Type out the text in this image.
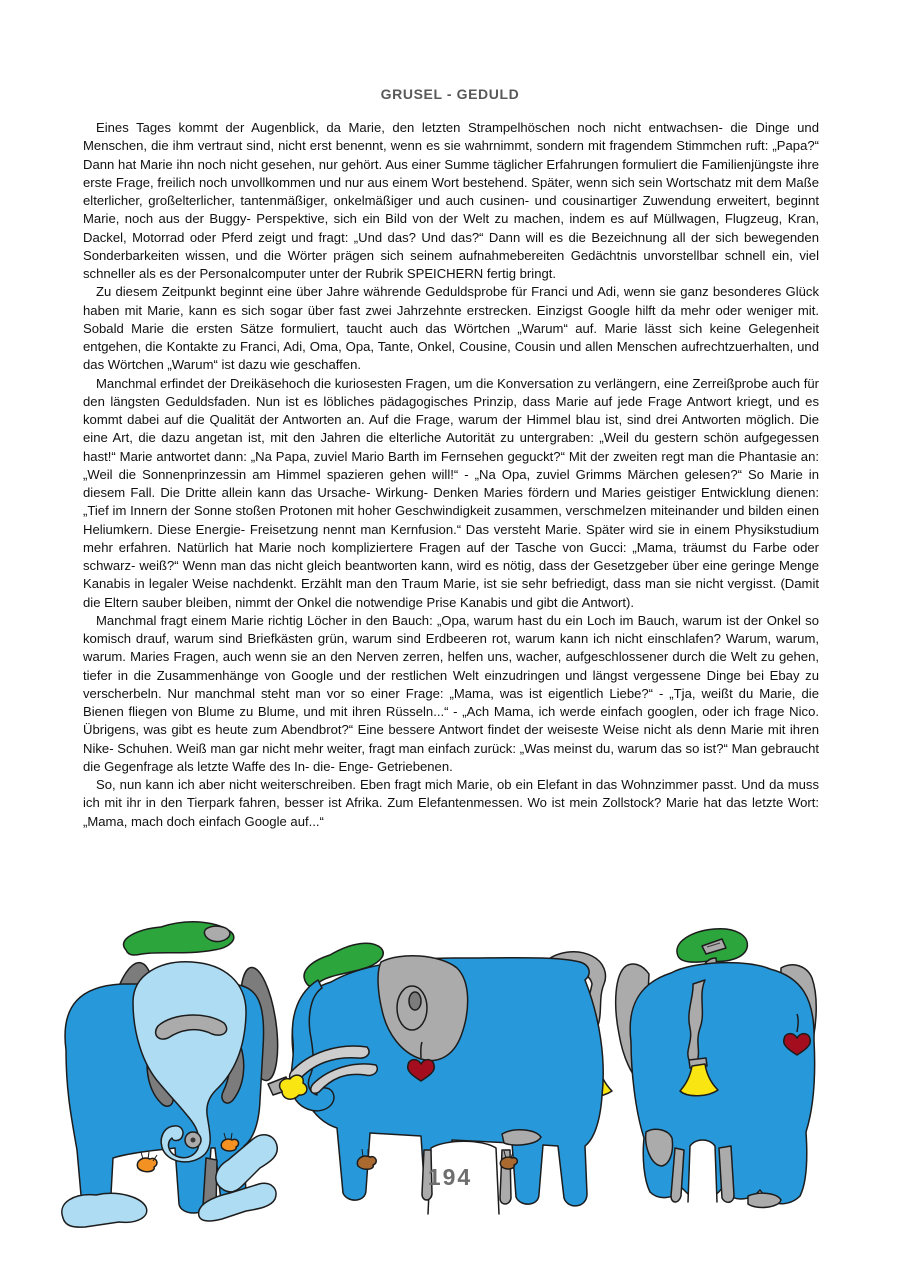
GRUSEL - GEDULD

Eines Tages kommt der Augenblick, da Marie, den letzten Strampelhöschen noch nicht entwachsen- die Dinge und Menschen, die ihm vertraut sind, nicht erst benennt, wenn es sie wahrnimmt, sondern mit fragendem Stimmchen ruft: „Papa?“ Dann hat Marie ihn noch nicht gesehen, nur gehört. Aus einer Summe täglicher Erfahrungen formuliert die Familienjüngste ihre erste Frage, freilich noch unvollkommen und nur aus einem Wort bestehend. Später, wenn sich sein Wortschatz mit dem Maße elterlicher, großelterlicher, tantenmäßiger, onkelmäßiger und auch cusinen- und cousinartiger Zuwendung erweitert, beginnt Marie, noch aus der Buggy- Perspektive, sich ein Bild von der Welt zu machen, indem es auf Müllwagen, Flugzeug, Kran, Dackel, Motorrad oder Pferd zeigt und fragt: „Und das? Und das?“ Dann will es die Bezeichnung all der sich bewegenden Sonderbarkeiten wissen, und die Wörter prägen sich seinem aufnahmebereiten Gedächtnis unvorstellbar schnell ein, viel schneller als es der Personalcomputer unter der Rubrik SPEICHERN fertig bringt.

Zu diesem Zeitpunkt beginnt eine über Jahre währende Geduldsprobe für Franci und Adi, wenn sie ganz besonderes Glück haben mit Marie, kann es sich sogar über fast zwei Jahrzehnte erstrecken. Einzigst Google hilft da mehr oder weniger mit. Sobald Marie die ersten Sätze formuliert, taucht auch das Wörtchen „Warum“ auf. Marie lässt sich keine Gelegenheit entgehen, die Kontakte zu Franci, Adi, Oma, Opa, Tante, Onkel, Cousine, Cousin und allen Menschen aufrechtzuerhalten, und das Wörtchen „Warum“ ist dazu wie geschaffen.

Manchmal erfindet der Dreikäsehoch die kuriosesten Fragen, um die Konversation zu verlängern, eine Zerreißprobe auch für den längsten Geduldsfaden. Nun ist es löbliches pädagogisches Prinzip, dass Marie auf jede Frage Antwort kriegt, und es kommt dabei auf die Qualität der Antworten an. Auf die Frage, warum der Himmel blau ist, sind drei Antworten möglich. Die eine Art, die dazu angetan ist, mit den Jahren die elterliche Autorität zu untergraben: „Weil du gestern schön aufgegessen hast!“ Marie antwortet dann: „Na Papa, zuviel Mario Barth im Fernsehen geguckt?“ Mit der zweiten regt man die Phantasie an: „Weil die Sonnenprinzessin am Himmel spazieren gehen will!“ - „Na Opa, zuviel Grimms Märchen gelesen?“ So Marie in diesem Fall. Die Dritte allein kann das Ursache- Wirkung- Denken Maries fördern und Maries geistiger Entwicklung dienen: „Tief im Innern der Sonne stoßen Protonen mit hoher Geschwindigkeit zusammen, verschmelzen miteinander und bilden einen Heliumkern. Diese Energie- Freisetzung nennt man Kernfusion.“ Das versteht Marie. Später wird sie in einem Physikstudium mehr erfahren. Natürlich hat Marie noch kompliziertere Fragen auf der Tasche von Gucci: „Mama, träumst du Farbe oder schwarz- weiß?“ Wenn man das nicht gleich beantworten kann, wird es nötig, dass der Gesetzgeber über eine geringe Menge Kanabis in legaler Weise nachdenkt. Erzählt man den Traum Marie, ist sie sehr befriedigt, dass man sie nicht vergisst. (Damit die Eltern sauber bleiben, nimmt der Onkel die notwendige Prise Kanabis und gibt die Antwort).

Manchmal fragt einem Marie richtig Löcher in den Bauch: „Opa, warum hast du ein Loch im Bauch, warum ist der Onkel so komisch drauf, warum sind Briefkästen grün, warum sind Erdbeeren rot, warum kann ich nicht einschlafen? Warum, warum, warum. Maries Fragen, auch wenn sie an den Nerven zerren, helfen uns, wacher, aufgeschlossener durch die Welt zu gehen, tiefer in die Zusammenhänge von Google und der restlichen Welt einzudringen und längst vergessene Dinge bei Ebay zu verscherbeln. Nur manchmal steht man vor so einer Frage: „Mama, was ist eigentlich Liebe?“ - „Tja, weißt du Marie, die Bienen fliegen von Blume zu Blume, und mit ihren Rüsseln...“ - „Ach Mama, ich werde einfach googlen, oder ich frage Nico. Übrigens, was gibt es heute zum Abendbrot?“ Eine bessere Antwort findet der weiseste Weise nicht als denn Marie mit ihren Nike- Schuhen. Weiß man gar nicht mehr weiter, fragt man einfach zurück: „Was meinst du, warum das so ist?“ Man gebraucht die Gegenfrage als letzte Waffe des In- die- Enge- Getriebenen.

So, nun kann ich aber nicht weiterschreiben. Eben fragt mich Marie, ob ein Elefant in das Wohnzimmer passt. Und da muss ich mit ihr in den Tierpark fahren, besser ist Afrika. Zum Elefantenmessen. Wo ist mein Zollstock? Marie hat das letzte Wort: „Mama, mach doch einfach Google auf...“

194
